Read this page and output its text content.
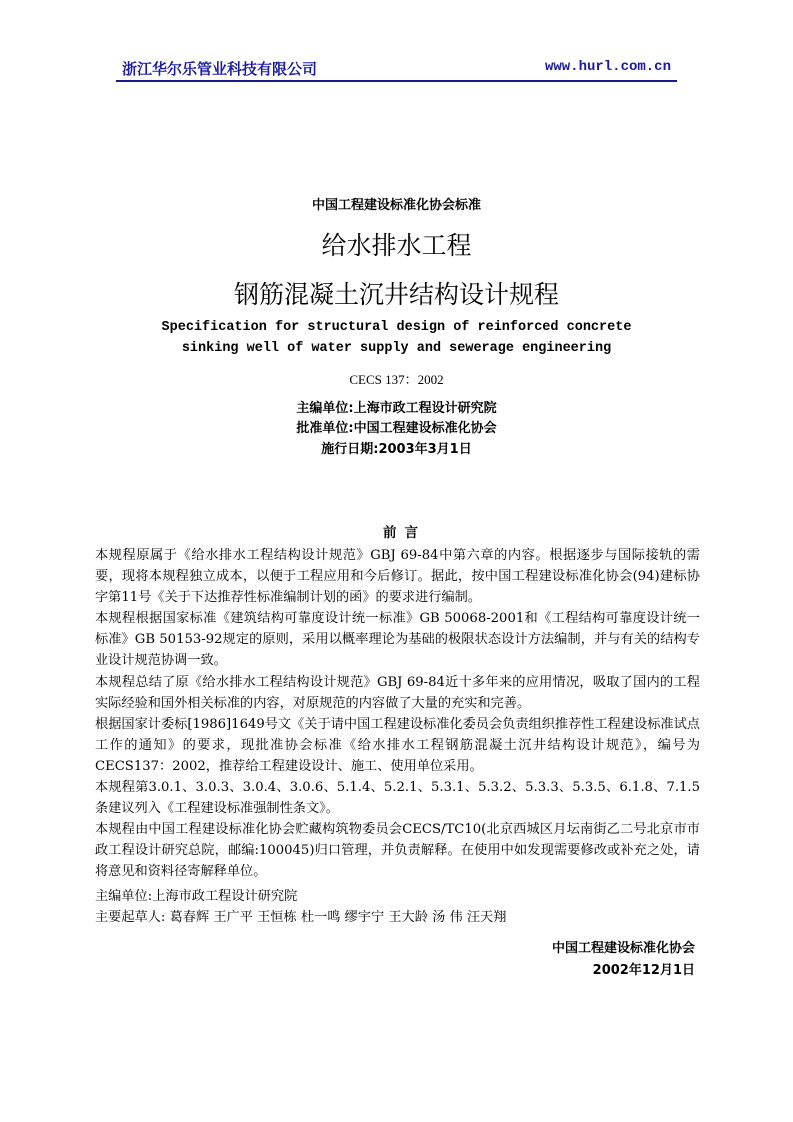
浙江华尔乐管业科技有限公司	www.hurl.com.cn
中国工程建设标准化协会标准
给水排水工程
钢筋混凝土沉井结构设计规程
Specification for structural design of reinforced concrete
sinking well of water supply and sewerage engineering
CECS 137：2002
主编单位:上海市政工程设计研究院
批准单位:中国工程建设标准化协会
施行日期:2003年3月1日
前言

本规程原属于《给水排水工程结构设计规范》GBJ 69-84中第六章的内容。根据逐步与国际接轨的需要，现将本规程独立成本，以便于工程应用和今后修订。据此，按中国工程建设标准化协会(94)建标协字第11号《关于下达推荐性标准编制计划的函》的要求进行编制。

本规程根据国家标准《建筑结构可靠度设计统一标准》GB 50068-2001和《工程结构可靠度设计统一标准》GB 50153-92规定的原则，采用以概率理论为基础的极限状态设计方法编制，并与有关的结构专业设计规范协调一致。

本规程总结了原《给水排水工程结构设计规范》GBJ 69-84近十多年来的应用情况，吸取了国内的工程实际经验和国外相关标准的内容，对原规范的内容做了大量的充实和完善。

根据国家计委标[1986]1649号文《关于请中国工程建设标准化委员会负责组织推荐性工程建设标准试点工作的通知》的要求，现批准协会标准《给水排水工程钢筋混凝土沉井结构设计规范》，编号为CECS137：2002，推荐给工程建设设计、施工、使用单位采用。

本规程第3.0.1、3.0.3、3.0.4、3.0.6、5.1.4、5.2.1、5.3.1、5.3.2、5.3.3、5.3.5、6.1.8、7.1.5条建议列入《工程建设标准强制性条文》。

本规程由中国工程建设标准化协会贮藏构筑物委员会CECS/TC10(北京西城区月坛南街乙二号北京市市政工程设计研究总院，邮编:100045)归口管理，并负责解释。在使用中如发现需要修改或补充之处，请将意见和资料径寄解释单位。

主编单位:上海市政工程设计研究院

主要起草人: 葛春辉 王广平 王恒栋 杜一鸣 缪宇宁 王大龄 汤 伟 汪天翔

中国工程建设标准化协会
2002年12月1日
